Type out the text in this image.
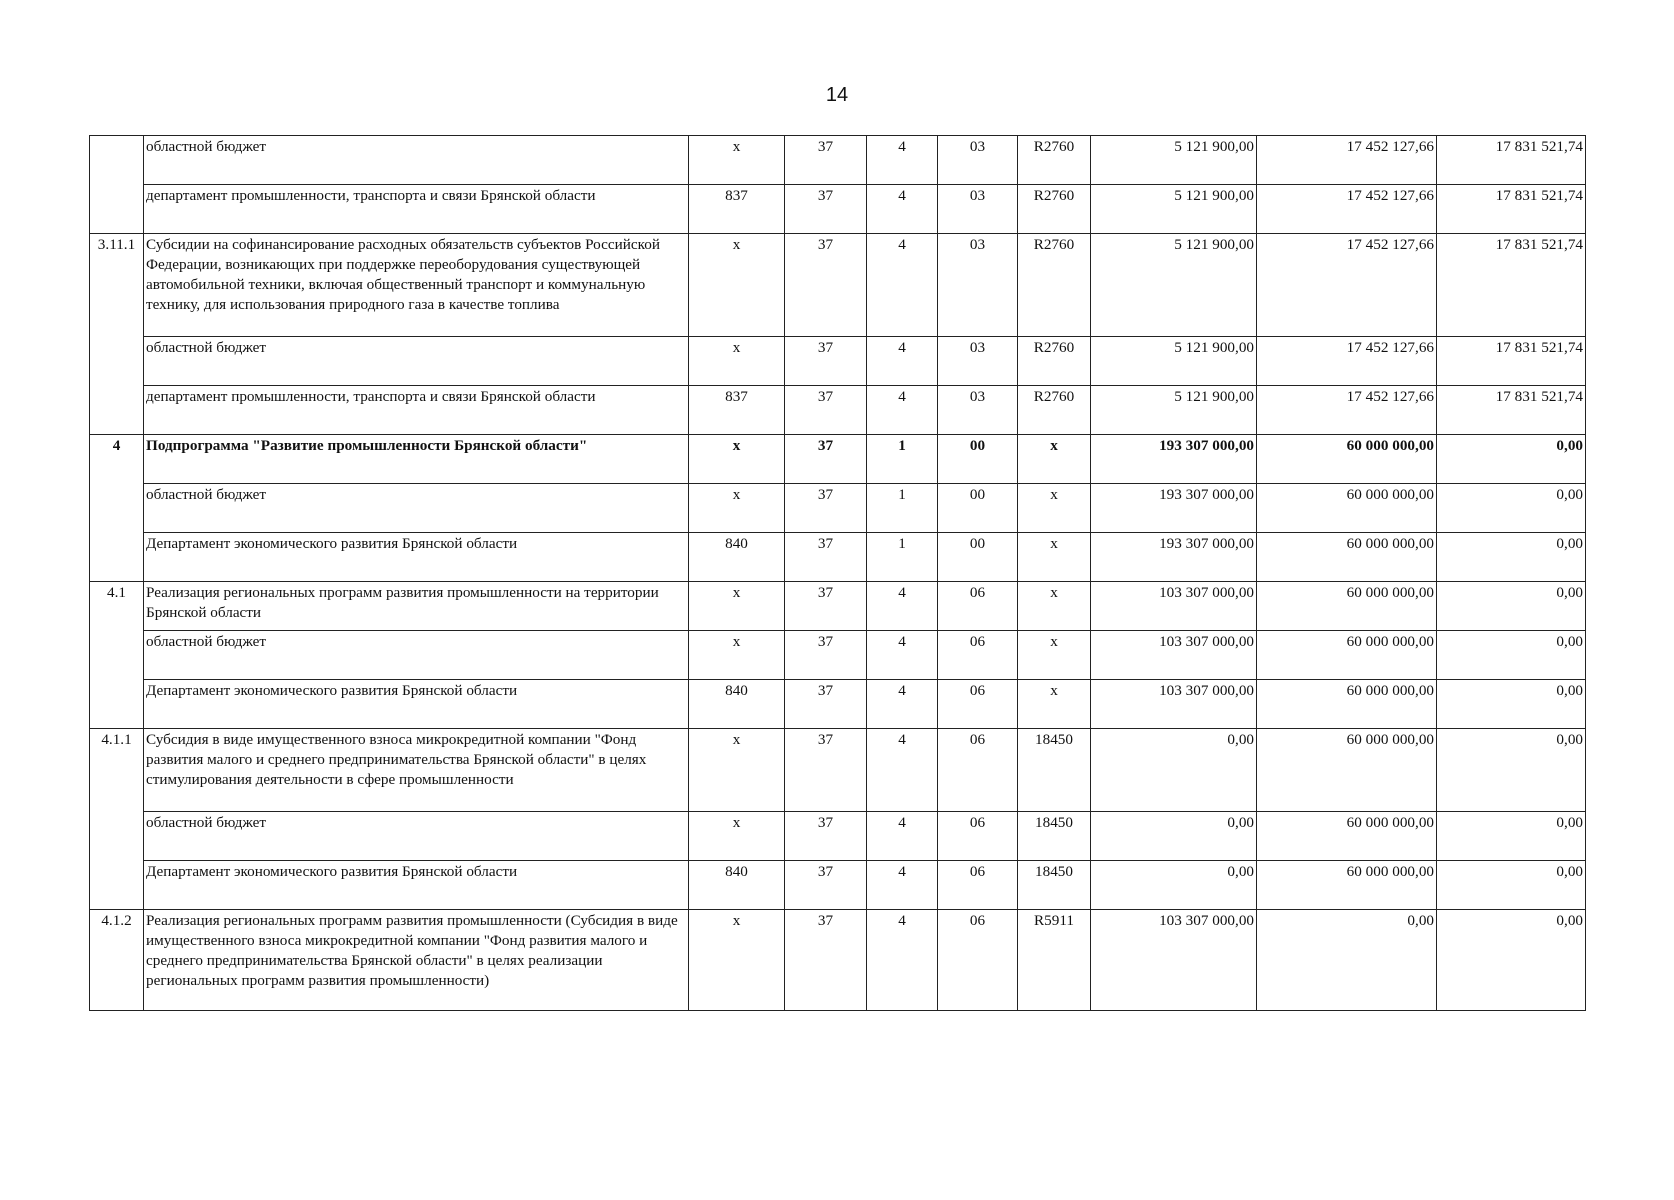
14
	областной бюджет	х	37	4	03	R2760	5 121 900,00	17 452 127,66	17 831 521,74
	департамент промышленности, транспорта и связи Брянской области	837	37	4	03	R2760	5 121 900,00	17 452 127,66	17 831 521,74
3.11.1	Субсидии на софинансирование расходных обязательств субъектов Российской Федерации, возникающих при поддержке переоборудования существующей автомобильной техники, включая общественный транспорт и коммунальную технику, для использования природного газа в качестве топлива	х	37	4	03	R2760	5 121 900,00	17 452 127,66	17 831 521,74
	областной бюджет	х	37	4	03	R2760	5 121 900,00	17 452 127,66	17 831 521,74
	департамент промышленности, транспорта и связи Брянской области	837	37	4	03	R2760	5 121 900,00	17 452 127,66	17 831 521,74
4	Подпрограмма "Развитие промышленности Брянской области"	х	37	1	00	х	193 307 000,00	60 000 000,00	0,00
	областной бюджет	х	37	1	00	х	193 307 000,00	60 000 000,00	0,00
	Департамент экономического развития Брянской области	840	37	1	00	х	193 307 000,00	60 000 000,00	0,00
4.1	Реализация региональных программ развития промышленности на территории Брянской области	х	37	4	06	х	103 307 000,00	60 000 000,00	0,00
	областной бюджет	х	37	4	06	х	103 307 000,00	60 000 000,00	0,00
	Департамент экономического развития Брянской области	840	37	4	06	х	103 307 000,00	60 000 000,00	0,00
4.1.1	Субсидия в виде имущественного взноса микрокредитной компании "Фонд развития малого и среднего предпринимательства Брянской области" в целях стимулирования деятельности в сфере промышленности	х	37	4	06	18450	0,00	60 000 000,00	0,00
	областной бюджет	х	37	4	06	18450	0,00	60 000 000,00	0,00
	Департамент экономического развития Брянской области	840	37	4	06	18450	0,00	60 000 000,00	0,00
4.1.2	Реализация региональных программ развития промышленности (Субсидия в виде имущественного взноса микрокредитной компании "Фонд развития малого и среднего предпринимательства Брянской области" в целях реализации региональных программ развития промышленности)	х	37	4	06	R5911	103 307 000,00	0,00	0,00
